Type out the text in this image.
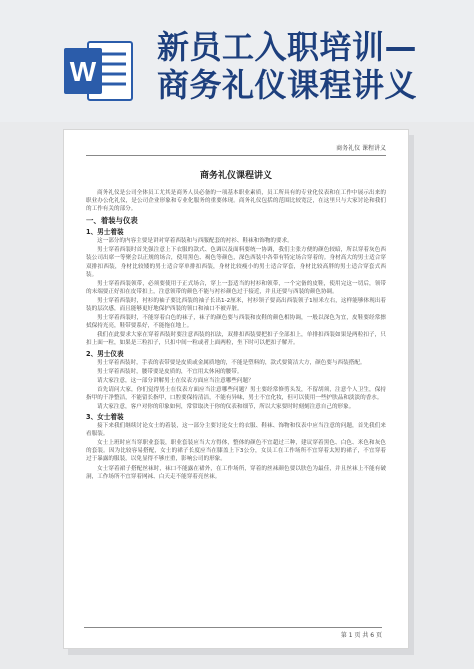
W
新员工入职培训—
商务礼仪课程讲义
商务礼仪 课程讲义
商务礼仪课程讲义
商务礼仪是公司全体员工尤其是商务人员必备的一项基本职业素质，员工所具有的专业化仪表和在工作中展示出来的职业办公化礼仪，是公司企业形象和专业化服务的重要体现。商务礼仪包括的范围比较宽泛，在这里只与大家讨论和我们的工作有关的部分。
一、着装与仪表
1、男士着装
这一部分的内容主要是讲对穿着西装和与西服配套的衬衫、鞋袜和饰物的要求。
男士穿着西装时首先强注意上下衣服的款式、色调以及面料要统一协调，我们主张方便的颜色较暗，所以穿着灰色西装公司出席一等聚会以正规的场合，使用黑色、褐色等颜色，深色西装中各带有特定场合穿着的。身材高大的男士适合穿双排扣西装，身材比较矮的男士适合穿单排扣西装，身材比较瘦小的男士适合穿套，身材比较高胖的男士适合穿套式西装。
男士穿着西装领带，必须要使用于正式场合，穿上一套适当的衬衫和领带，一个完备的皮鞋，使用完这一切后，领带的末端要正好扣在皮带扣上，注意领带的颜色不能与衬衫颜色过于接近，并且还要与西装的颜色协调。
男士穿着西装时，衬衫的袖子要比西装的袖子长出1-2厘米，衬衫领子要高出西装领子1厘米左右，这样能够体现出着装的层次感，而且能够更好地保护西装的领口和袖口不被弄脏。
男士穿着西装时，不能穿着白色的袜子，袜子的颜色要与西装和皮鞋的颜色相协调，一般以深色为宜，皮鞋要经常擦拭保持光亮，鞋带要系好，不能拖在地上。
我们在此要求大家在穿着西装时要注意西装的扣法，双排扣西装要把扣子全部扣上，单排扣西装如果是两粒扣子，只扣上面一粒，如果是三粒扣子，只扣中间一粒或者上面两粒，坐下时可以把扣子解开。
2、男士仪表
男士穿着西装时，手表的表带要是皮质或金属质地的，不能是塑料的，款式要简洁大方，颜色要与西装搭配。
男士穿着西装时，腰带要是皮质的，不宜用太休闲的腰带。
请大家注意，这一部分讲解男士在仪表方面应当注意哪些问题？
首先请问大家，你们觉得男士在仪表方面应当注意哪些问题？男士要经常修剪头发，不留胡须，注意个人卫生，保持指甲的干净整洁，不能留长指甲，口腔要保持清洁，不能有异味，男士不宜化妆，但可以使用一些护肤品和淡淡的香水。
请大家注意，客户对你的印象如何，常常取决于你的仪表和细节，所以大家要时时刻刻注意自己的形象。
3、女士着装
接下来我们继续讨论女士的着装，这一部分主要讨论女士的衣服、鞋袜、饰物和仪表中应当注意的问题，首先我们来看服装。
女士上班时应当穿职业套装，职业套装应当大方得体，整体的颜色不宜超过三种，建议穿着黑色、白色、米色和灰色的套装。因为比较容易搭配，女士的裙子长度应当在膝盖上下3公分，女员工在工作场所不宜穿着太短的裙子，不宜穿着过于暴露的服装，以免显得不够庄重，影响公司的形象。
女士穿着裙子搭配丝袜时，袜口不能露在裙外，在工作场所，穿着的丝袜颜色要以肤色为最佳，并且丝袜上不能有破洞，工作场所不宜穿着网袜、白天走不能穿着亮丝袜。
第 1 页 共 6 页
